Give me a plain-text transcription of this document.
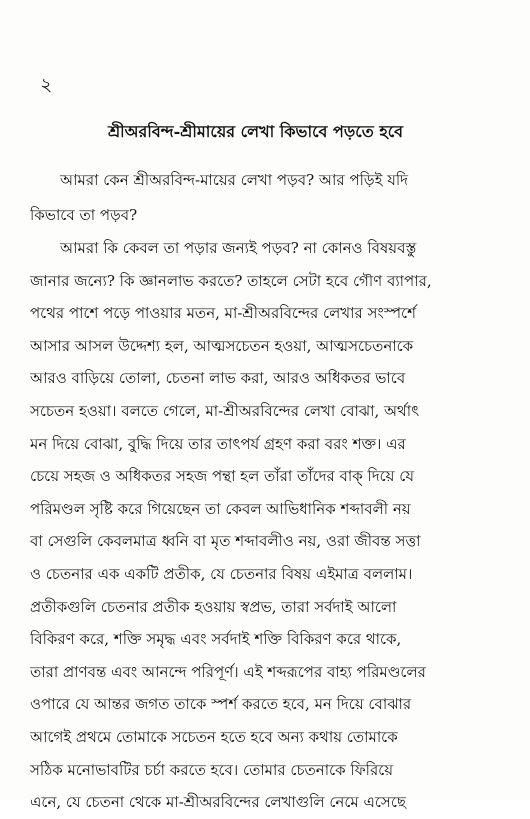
২
শ্রীঅরবিন্দ-শ্রীমায়ের লেখা কিভাবে পড়তে হবে
আমরা কেন শ্রীঅরবিন্দ-মায়ের লেখা পড়ব? আর পড়িই যদি
কিভাবে তা পড়ব?
আমরা কি কেবল তা পড়ার জন্যই পড়ব? না কোনও বিষয়বস্তু
জানার জন্যে? কি জ্ঞানলাভ করতে? তাহলে সেটা হবে গৌণ ব্যাপার,
পথের পাশে পড়ে পাওয়ার মতন, মা-শ্রীঅরবিন্দের লেখার সংস্পর্শে
আসার আসল উদ্দেশ্য হল, আত্মসচেতন হওয়া, আত্মসচেতনাকে
আরও বাড়িয়ে তোলা, চেতনা লাভ করা, আরও অধিকতর ভাবে
সচেতন হওয়া। বলতে গেলে, মা-শ্রীঅরবিন্দের লেখা বোঝা, অর্থাৎ
মন দিয়ে বোঝা, বুদ্ধি দিয়ে তার তাৎপর্য গ্রহণ করা বরং শক্ত। এর
চেয়ে সহজ ও অধিকতর সহজ পন্থা হল তাঁরা তাঁদের বাক্ দিয়ে যে
পরিমণ্ডল সৃষ্টি করে গিয়েছেন তা কেবল আভিধানিক শব্দাবলী নয়
বা সেগুলি কেবলমাত্র ধ্বনি বা মৃত শব্দাবলীও নয়, ওরা জীবন্ত সত্তা
ও চেতনার এক একটি প্রতীক, যে চেতনার বিষয় এইমাত্র বললাম।
প্রতীকগুলি চেতনার প্রতীক হওয়ায় স্বপ্রভ, তারা সর্বদাই আলো
বিকিরণ করে, শক্তি সমৃদ্ধ এবং সর্বদাই শক্তি বিকিরণ করে থাকে,
তারা প্রাণবন্ত এবং আনন্দে পরিপূর্ণ। এই শব্দরূপের বাহ্য পরিমণ্ডলের
ওপারে যে আন্তর জগত তাকে স্পর্শ করতে হবে, মন দিয়ে বোঝার
আগেই প্রথমে তোমাকে সচেতন হতে হবে অন্য কথায় তোমাকে
সঠিক মনোভাবটির চর্চা করতে হবে। তোমার চেতনাকে ফিরিয়ে
এনে, যে চেতনা থেকে মা-শ্রীঅরবিন্দের লেখাগুলি নেমে এসেছে
